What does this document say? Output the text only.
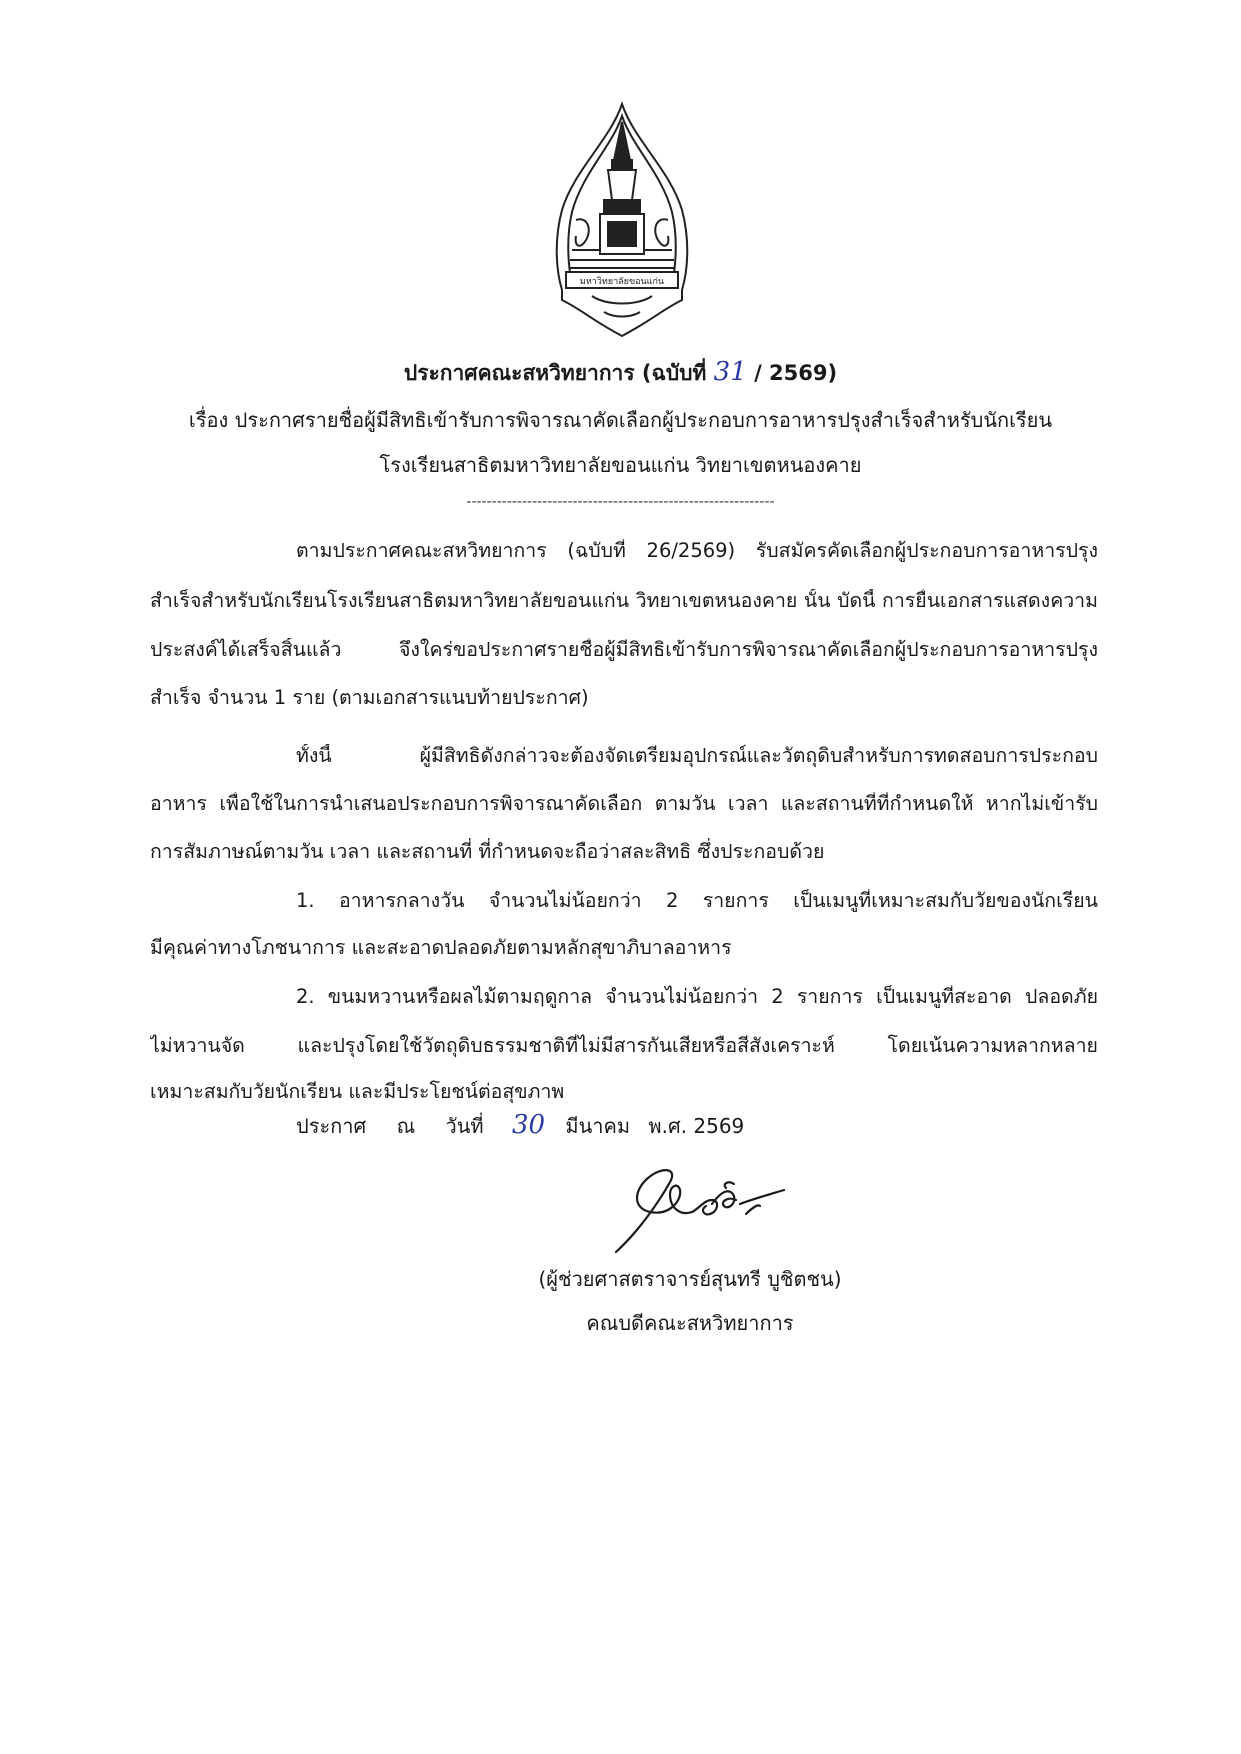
มหาวิทยาลัยขอนแก่น
ประกาศคณะสหวิทยาการ (ฉบับที่ 31 / 2569)
เรื่อง ประกาศรายชื่อผู้มีสิทธิเข้ารับการพิจารณาคัดเลือกผู้ประกอบการอาหารปรุงสำเร็จสำหรับนักเรียน
โรงเรียนสาธิตมหาวิทยาลัยขอนแก่น วิทยาเขตหนองคาย
-------------------------------------------------------------
ตามประกาศคณะสหวิทยาการ (ฉบับที่ 26/2569) รับสมัครคัดเลือกผู้ประกอบการอาหารปรุง
สำเร็จสำหรับนักเรียนโรงเรียนสาธิตมหาวิทยาลัยขอนแก่น วิทยาเขตหนองคาย นั้น บัดนี้ การยื่นเอกสารแสดงความ
ประสงค์ได้เสร็จสิ้นแล้ว จึงใคร่ขอประกาศรายชื่อผู้มีสิทธิเข้ารับการพิจารณาคัดเลือกผู้ประกอบการอาหารปรุง
สำเร็จ จำนวน 1 ราย (ตามเอกสารแนบท้ายประกาศ)
ทั้งนี้ ผู้มีสิทธิดังกล่าวจะต้องจัดเตรียมอุปกรณ์และวัตถุดิบสำหรับการทดสอบการประกอบ
อาหาร เพื่อใช้ในการนำเสนอประกอบการพิจารณาคัดเลือก ตามวัน เวลา และสถานที่ที่กำหนดให้ หากไม่เข้ารับ
การสัมภาษณ์ตามวัน เวลา และสถานที่ ที่กำหนดจะถือว่าสละสิทธิ ซึ่งประกอบด้วย
1. อาหารกลางวัน จำนวนไม่น้อยกว่า 2 รายการ เป็นเมนูที่เหมาะสมกับวัยของนักเรียน
มีคุณค่าทางโภชนาการ และสะอาดปลอดภัยตามหลักสุขาภิบาลอาหาร
2. ขนมหวานหรือผลไม้ตามฤดูกาล จำนวนไม่น้อยกว่า 2 รายการ เป็นเมนูที่สะอาด ปลอดภัย
ไม่หวานจัด และปรุงโดยใช้วัตถุดิบธรรมชาติที่ไม่มีสารกันเสียหรือสีสังเคราะห์ โดยเน้นความหลากหลาย
เหมาะสมกับวัยนักเรียน และมีประโยชน์ต่อสุขภาพ
ประกาศ ณ วันที่ 30 มีนาคม พ.ศ. 2569
(ผู้ช่วยศาสตราจารย์สุนทรี บูชิตชน)
คณบดีคณะสหวิทยาการ
